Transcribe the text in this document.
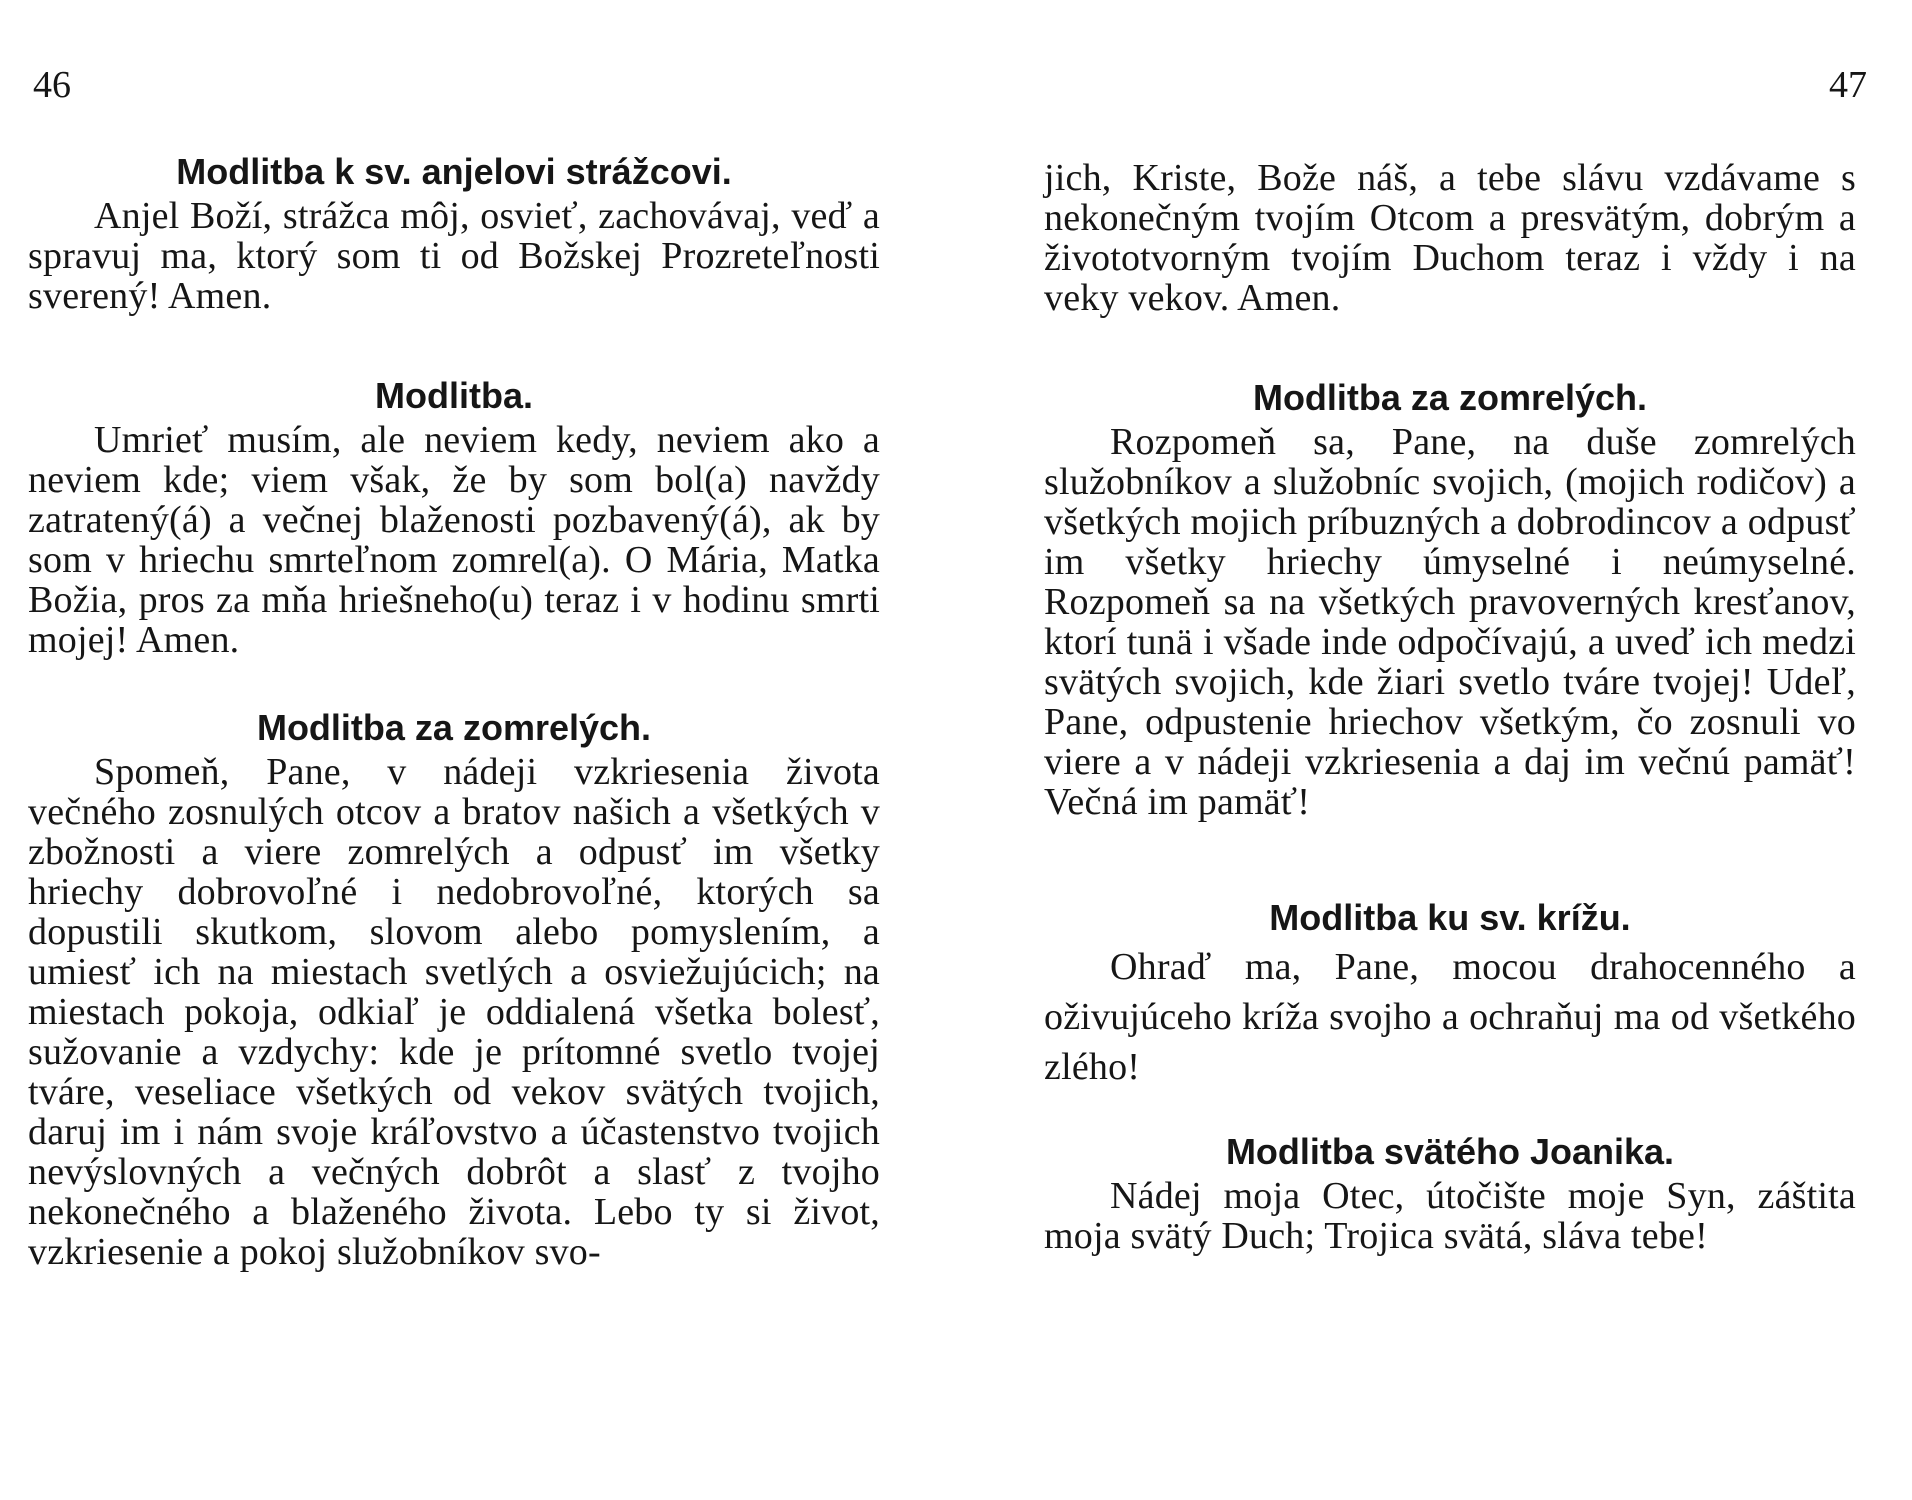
46	47
Modlitba k sv. anjelovi strážcovi.

Anjel Boží, strážca môj, osvieť, zachovávaj, veď a spravuj ma, ktorý som ti od Božskej Prozreteľnosti sverený! Amen.

Modlitba.

Umrieť musím, ale neviem kedy, neviem ako a neviem kde; viem však, že by som bol(a) navždy zatratený(á) a večnej blaženosti pozbavený(á), ak by som v hriechu smrteľnom zomrel(a). O Mária, Matka Božia, pros za mňa hriešneho(u) teraz i v hodinu smrti mojej! Amen.

Modlitba za zomrelých.

Spomeň, Pane, v nádeji vzkriesenia života večného zosnulých otcov a bratov našich a všetkých v zbožnosti a viere zomrelých a odpusť im všetky hriechy dobrovoľné i nedobrovoľné, ktorých sa dopustili skutkom, slovom alebo pomyslením, a umiesť ich na miestach svetlých a osviežujúcich; na miestach pokoja, odkiaľ je oddialená všetka bolesť, sužovanie a vzdychy: kde je prítomné svetlo tvojej tváre, veseliace všetkých od vekov svätých tvojich, daruj im i nám svoje kráľovstvo a účastenstvo tvojich nevýslovných a večných dobrôt a slasť z tvojho nekonečného a blaženého života. Lebo ty si život, vzkriesenie a pokoj služobníkov svo-

jich, Kriste, Bože náš, a tebe slávu vzdávame s nekonečným tvojím Otcom a presvätým, dobrým a živototvorným tvojím Duchom teraz i vždy i na veky vekov. Amen.

Modlitba za zomrelých.

Rozpomeň sa, Pane, na duše zomrelých služobníkov a služobníc svojich, (mojich rodičov) a všetkých mojich príbuzných a dobrodincov a odpusť im všetky hriechy úmyselné i neúmyselné. Rozpomeň sa na všetkých pravoverných kresťanov, ktorí tunä i všade inde odpočívajú, a uveď ich medzi svätých svojich, kde žiari svetlo tváre tvojej! Udeľ, Pane, odpustenie hriechov všetkým, čo zosnuli vo viere a v nádeji vzkriesenia a daj im večnú pamäť! Večná im pamäť!

Modlitba ku sv. krížu.

Ohraď ma, Pane, mocou drahocenného a oživujúceho kríža svojho a ochraňuj ma od všetkého zlého!

Modlitba svätého Joanika.

Nádej moja Otec, útočište moje Syn, záštita moja svätý Duch; Trojica svätá, sláva tebe!
